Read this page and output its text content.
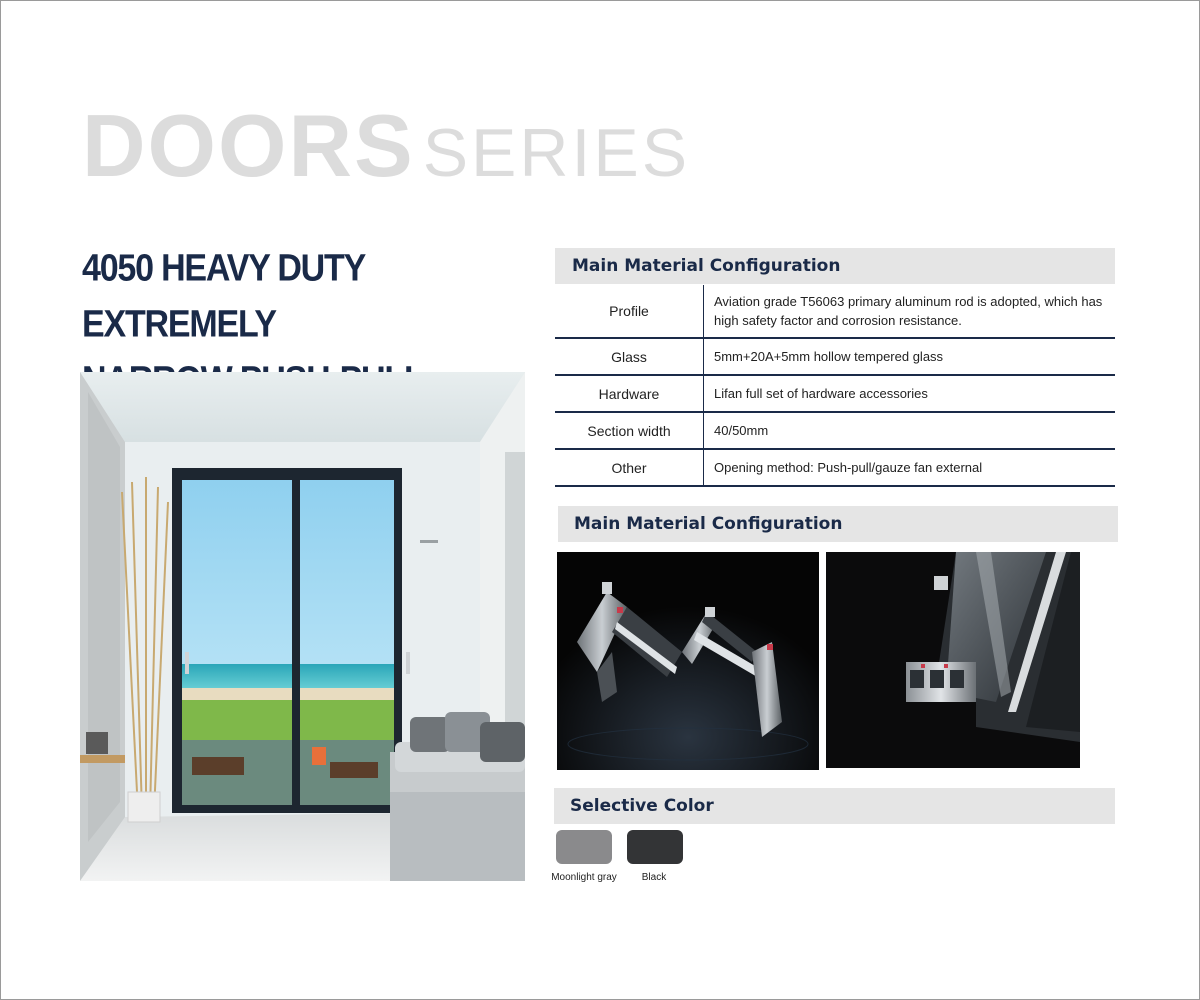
DOORS SERIES
4050 HEAVY DUTY EXTREMELY
Main Material Configuration
Profile	Aviation grade T56063 primary aluminum rod is adopted, which has high safety factor and corrosion resistance.
Glass	5mm+20A+5mm hollow tempered glass
Hardware	Lifan full set of hardware accessories
Section width	40/50mm
Other	Opening method: Push-pull/gauze fan external
Main Material Configuration
Selective Color
Moonlight gray	Black
